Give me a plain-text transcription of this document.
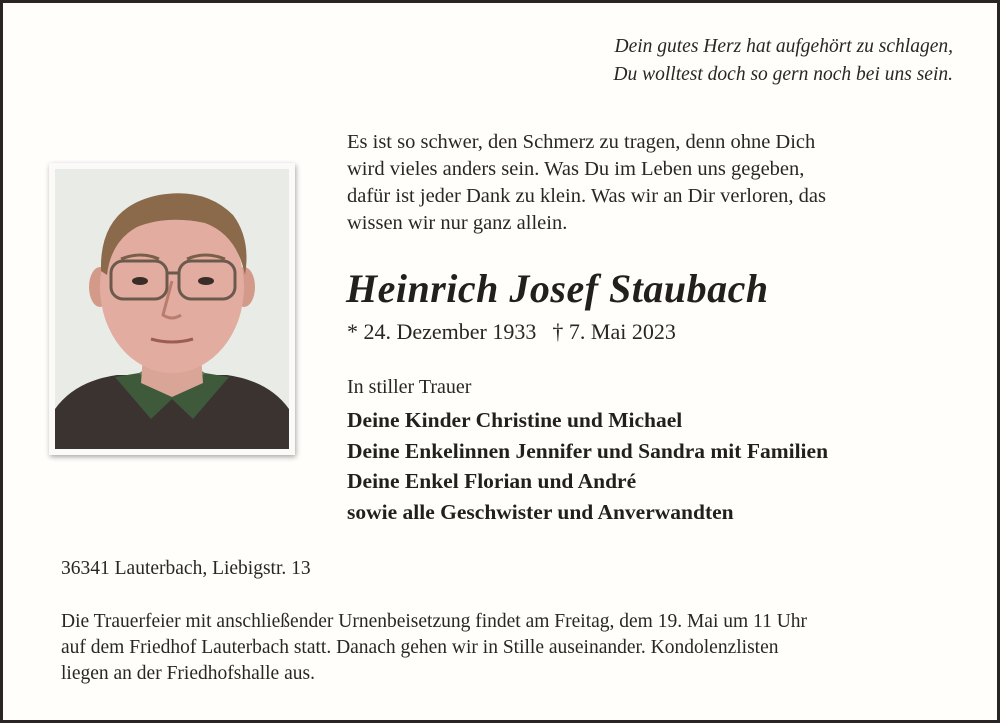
Dein gutes Herz hat aufgehört zu schlagen,
Du wolltest doch so gern noch bei uns sein.
Es ist so schwer, den Schmerz zu tragen, denn ohne Dich
wird vieles anders sein. Was Du im Leben uns gegeben,
dafür ist jeder Dank zu klein. Was wir an Dir verloren, das
wissen wir nur ganz allein.
Heinrich Josef Staubach
* 24. Dezember 1933 † 7. Mai 2023
In stiller Trauer
Deine Kinder Christine und Michael
Deine Enkelinnen Jennifer und Sandra mit Familien
Deine Enkel Florian und André
sowie alle Geschwister und Anverwandten
36341 Lauterbach, Liebigstr. 13
Die Trauerfeier mit anschließender Urnenbeisetzung findet am Freitag, dem 19. Mai um 11 Uhr
auf dem Friedhof Lauterbach statt. Danach gehen wir in Stille auseinander. Kondolenzlisten
liegen an der Friedhofshalle aus.
